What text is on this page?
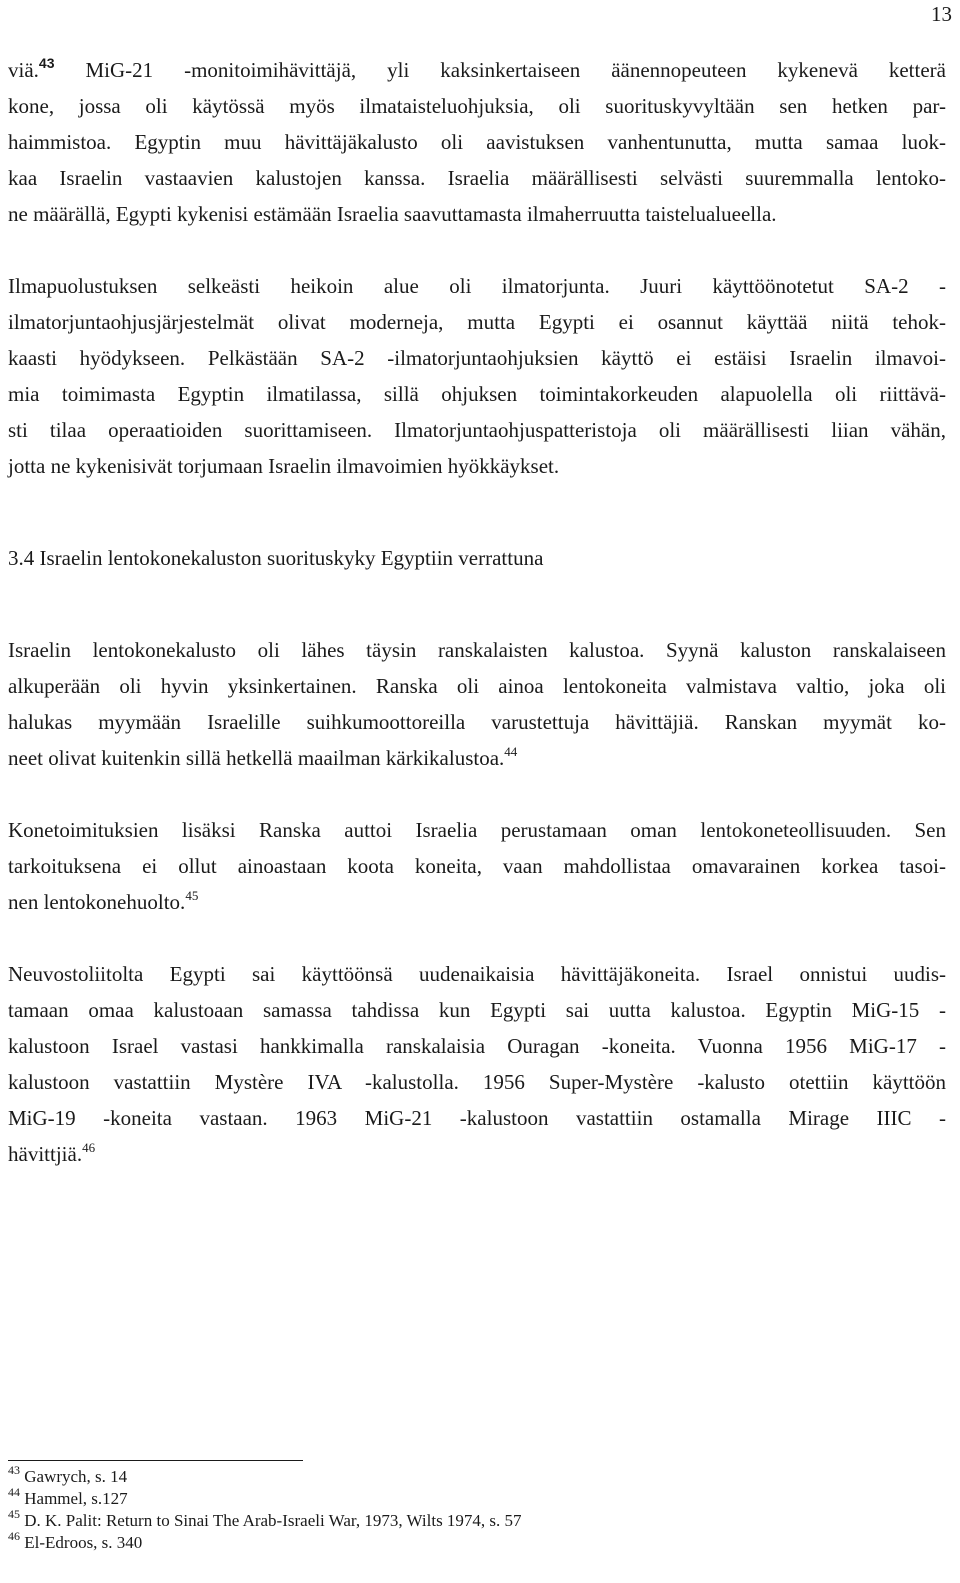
13
viä.$^{43}$ MiG-21 -monitoimihävittäjä, yli kaksinkertaiseen äänennopeuteen kykenevä ketterä
kone, jossa oli käytössä myös ilmataisteluohjuksia, oli suorituskyvyltään sen hetken par-
haimmistoa. Egyptin muu hävittäjäkalusto oli aavistuksen vanhentunutta, mutta samaa luok-
kaa Israelin vastaavien kalustojen kanssa. Israelia määrällisesti selvästi suuremmalla lentoko-
ne määrällä, Egypti kykenisi estämään Israelia saavuttamasta ilmaherruutta taistelualueella.
Ilmapuolustuksen selkeästi heikoin alue oli ilmatorjunta. Juuri käyttöönotetut SA-2 -
ilmatorjuntaohjusjärjestelmät olivat moderneja, mutta Egypti ei osannut käyttää niitä tehok-
kaasti hyödykseen. Pelkästään SA-2 -ilmatorjuntaohjuksien käyttö ei estäisi Israelin ilmavoi-
mia toimimasta Egyptin ilmatilassa, sillä ohjuksen toimintakorkeuden alapuolella oli riittävä-
sti tilaa operaatioiden suorittamiseen. Ilmatorjuntaohjuspatteristoja oli määrällisesti liian vähän,
jotta ne kykenisivät torjumaan Israelin ilmavoimien hyökkäykset.
3.4 Israelin lentokonekaluston suorituskyky Egyptiin verrattuna
Israelin lentokonekalusto oli lähes täysin ranskalaisten kalustoa. Syynä kaluston ranskalaiseen
alkuperään oli hyvin yksinkertainen. Ranska oli ainoa lentokoneita valmistava valtio, joka oli
halukas myymään Israelille suihkumoottoreilla varustettuja hävittäjiä. Ranskan myymät ko-
neet olivat kuitenkin sillä hetkellä maailman kärkikalustoa.$^{44}$
Konetoimituksien lisäksi Ranska auttoi Israelia perustamaan oman lentokoneteollisuuden. Sen
tarkoituksena ei ollut ainoastaan koota koneita, vaan mahdollistaa omavarainen korkea tasoi-
nen lentokonehuolto.$^{45}$
Neuvostoliitolta Egypti sai käyttöönsä uudenaikaisia hävittäjäkoneita. Israel onnistui uudis-
tamaan omaa kalustoaan samassa tahdissa kun Egypti sai uutta kalustoa. Egyptin MiG-15 -
kalustoon Israel vastasi hankkimalla ranskalaisia Ouragan -koneita. Vuonna 1956 MiG-17 -
kalustoon vastattiin Mystère IVA -kalustolla. 1956 Super-Mystère -kalusto otettiin käyttöön
MiG-19 -koneita vastaan. 1963 MiG-21 -kalustoon vastattiin ostamalla Mirage IIIC -
hävittjiä.$^{46}$
$^{43}$ Gawrych, s. 14
$^{44}$ Hammel, s.127
$^{45}$ D. K. Palit: Return to Sinai The Arab-Israeli War, 1973, Wilts 1974, s. 57
$^{46}$ El-Edroos, s. 340
